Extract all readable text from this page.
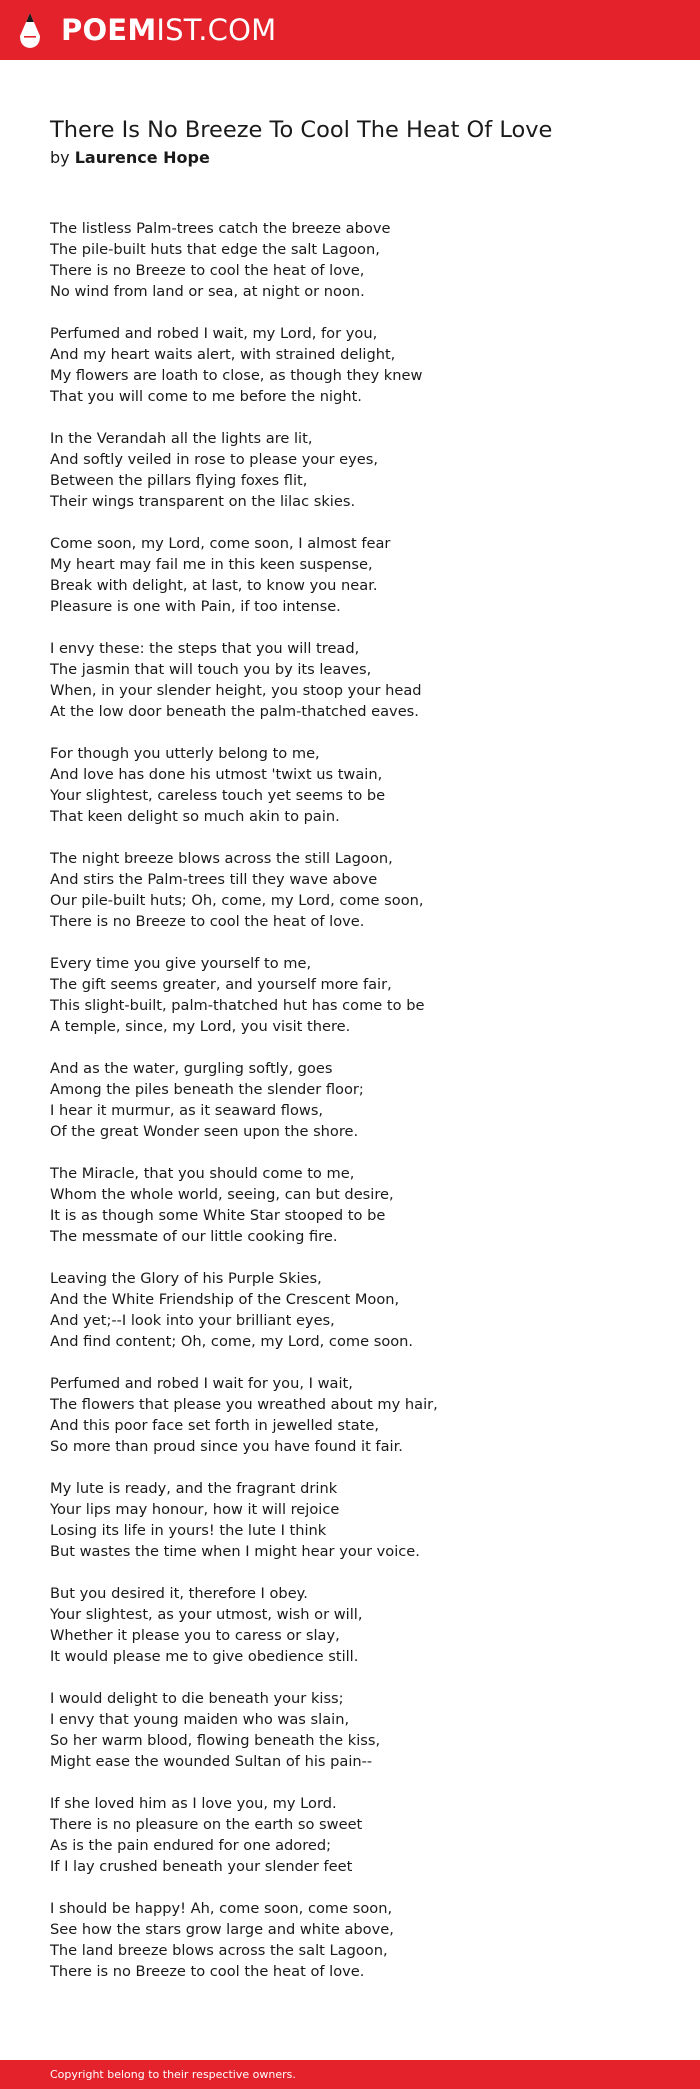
POEMIST.COM
There Is No Breeze To Cool The Heat Of Love
by Laurence Hope
The listless Palm-trees catch the breeze above
The pile-built huts that edge the salt Lagoon,
There is no Breeze to cool the heat of love,
No wind from land or sea, at night or noon.
Perfumed and robed I wait, my Lord, for you,
And my heart waits alert, with strained delight,
My flowers are loath to close, as though they knew
That you will come to me before the night.
In the Verandah all the lights are lit,
And softly veiled in rose to please your eyes,
Between the pillars flying foxes flit,
Their wings transparent on the lilac skies.
Come soon, my Lord, come soon, I almost fear
My heart may fail me in this keen suspense,
Break with delight, at last, to know you near.
Pleasure is one with Pain, if too intense.
I envy these: the steps that you will tread,
The jasmin that will touch you by its leaves,
When, in your slender height, you stoop your head
At the low door beneath the palm-thatched eaves.
For though you utterly belong to me,
And love has done his utmost 'twixt us twain,
Your slightest, careless touch yet seems to be
That keen delight so much akin to pain.
The night breeze blows across the still Lagoon,
And stirs the Palm-trees till they wave above
Our pile-built huts; Oh, come, my Lord, come soon,
There is no Breeze to cool the heat of love.
Every time you give yourself to me,
The gift seems greater, and yourself more fair,
This slight-built, palm-thatched hut has come to be
A temple, since, my Lord, you visit there.
And as the water, gurgling softly, goes
Among the piles beneath the slender floor;
I hear it murmur, as it seaward flows,
Of the great Wonder seen upon the shore.
The Miracle, that you should come to me,
Whom the whole world, seeing, can but desire,
It is as though some White Star stooped to be
The messmate of our little cooking fire.
Leaving the Glory of his Purple Skies,
And the White Friendship of the Crescent Moon,
And yet;--I look into your brilliant eyes,
And find content; Oh, come, my Lord, come soon.
Perfumed and robed I wait for you, I wait,
The flowers that please you wreathed about my hair,
And this poor face set forth in jewelled state,
So more than proud since you have found it fair.
My lute is ready, and the fragrant drink
Your lips may honour, how it will rejoice
Losing its life in yours! the lute I think
But wastes the time when I might hear your voice.
But you desired it, therefore I obey.
Your slightest, as your utmost, wish or will,
Whether it please you to caress or slay,
It would please me to give obedience still.
I would delight to die beneath your kiss;
I envy that young maiden who was slain,
So her warm blood, flowing beneath the kiss,
Might ease the wounded Sultan of his pain--
If she loved him as I love you, my Lord.
There is no pleasure on the earth so sweet
As is the pain endured for one adored;
If I lay crushed beneath your slender feet
I should be happy! Ah, come soon, come soon,
See how the stars grow large and white above,
The land breeze blows across the salt Lagoon,
There is no Breeze to cool the heat of love.
Copyright belong to their respective owners.
